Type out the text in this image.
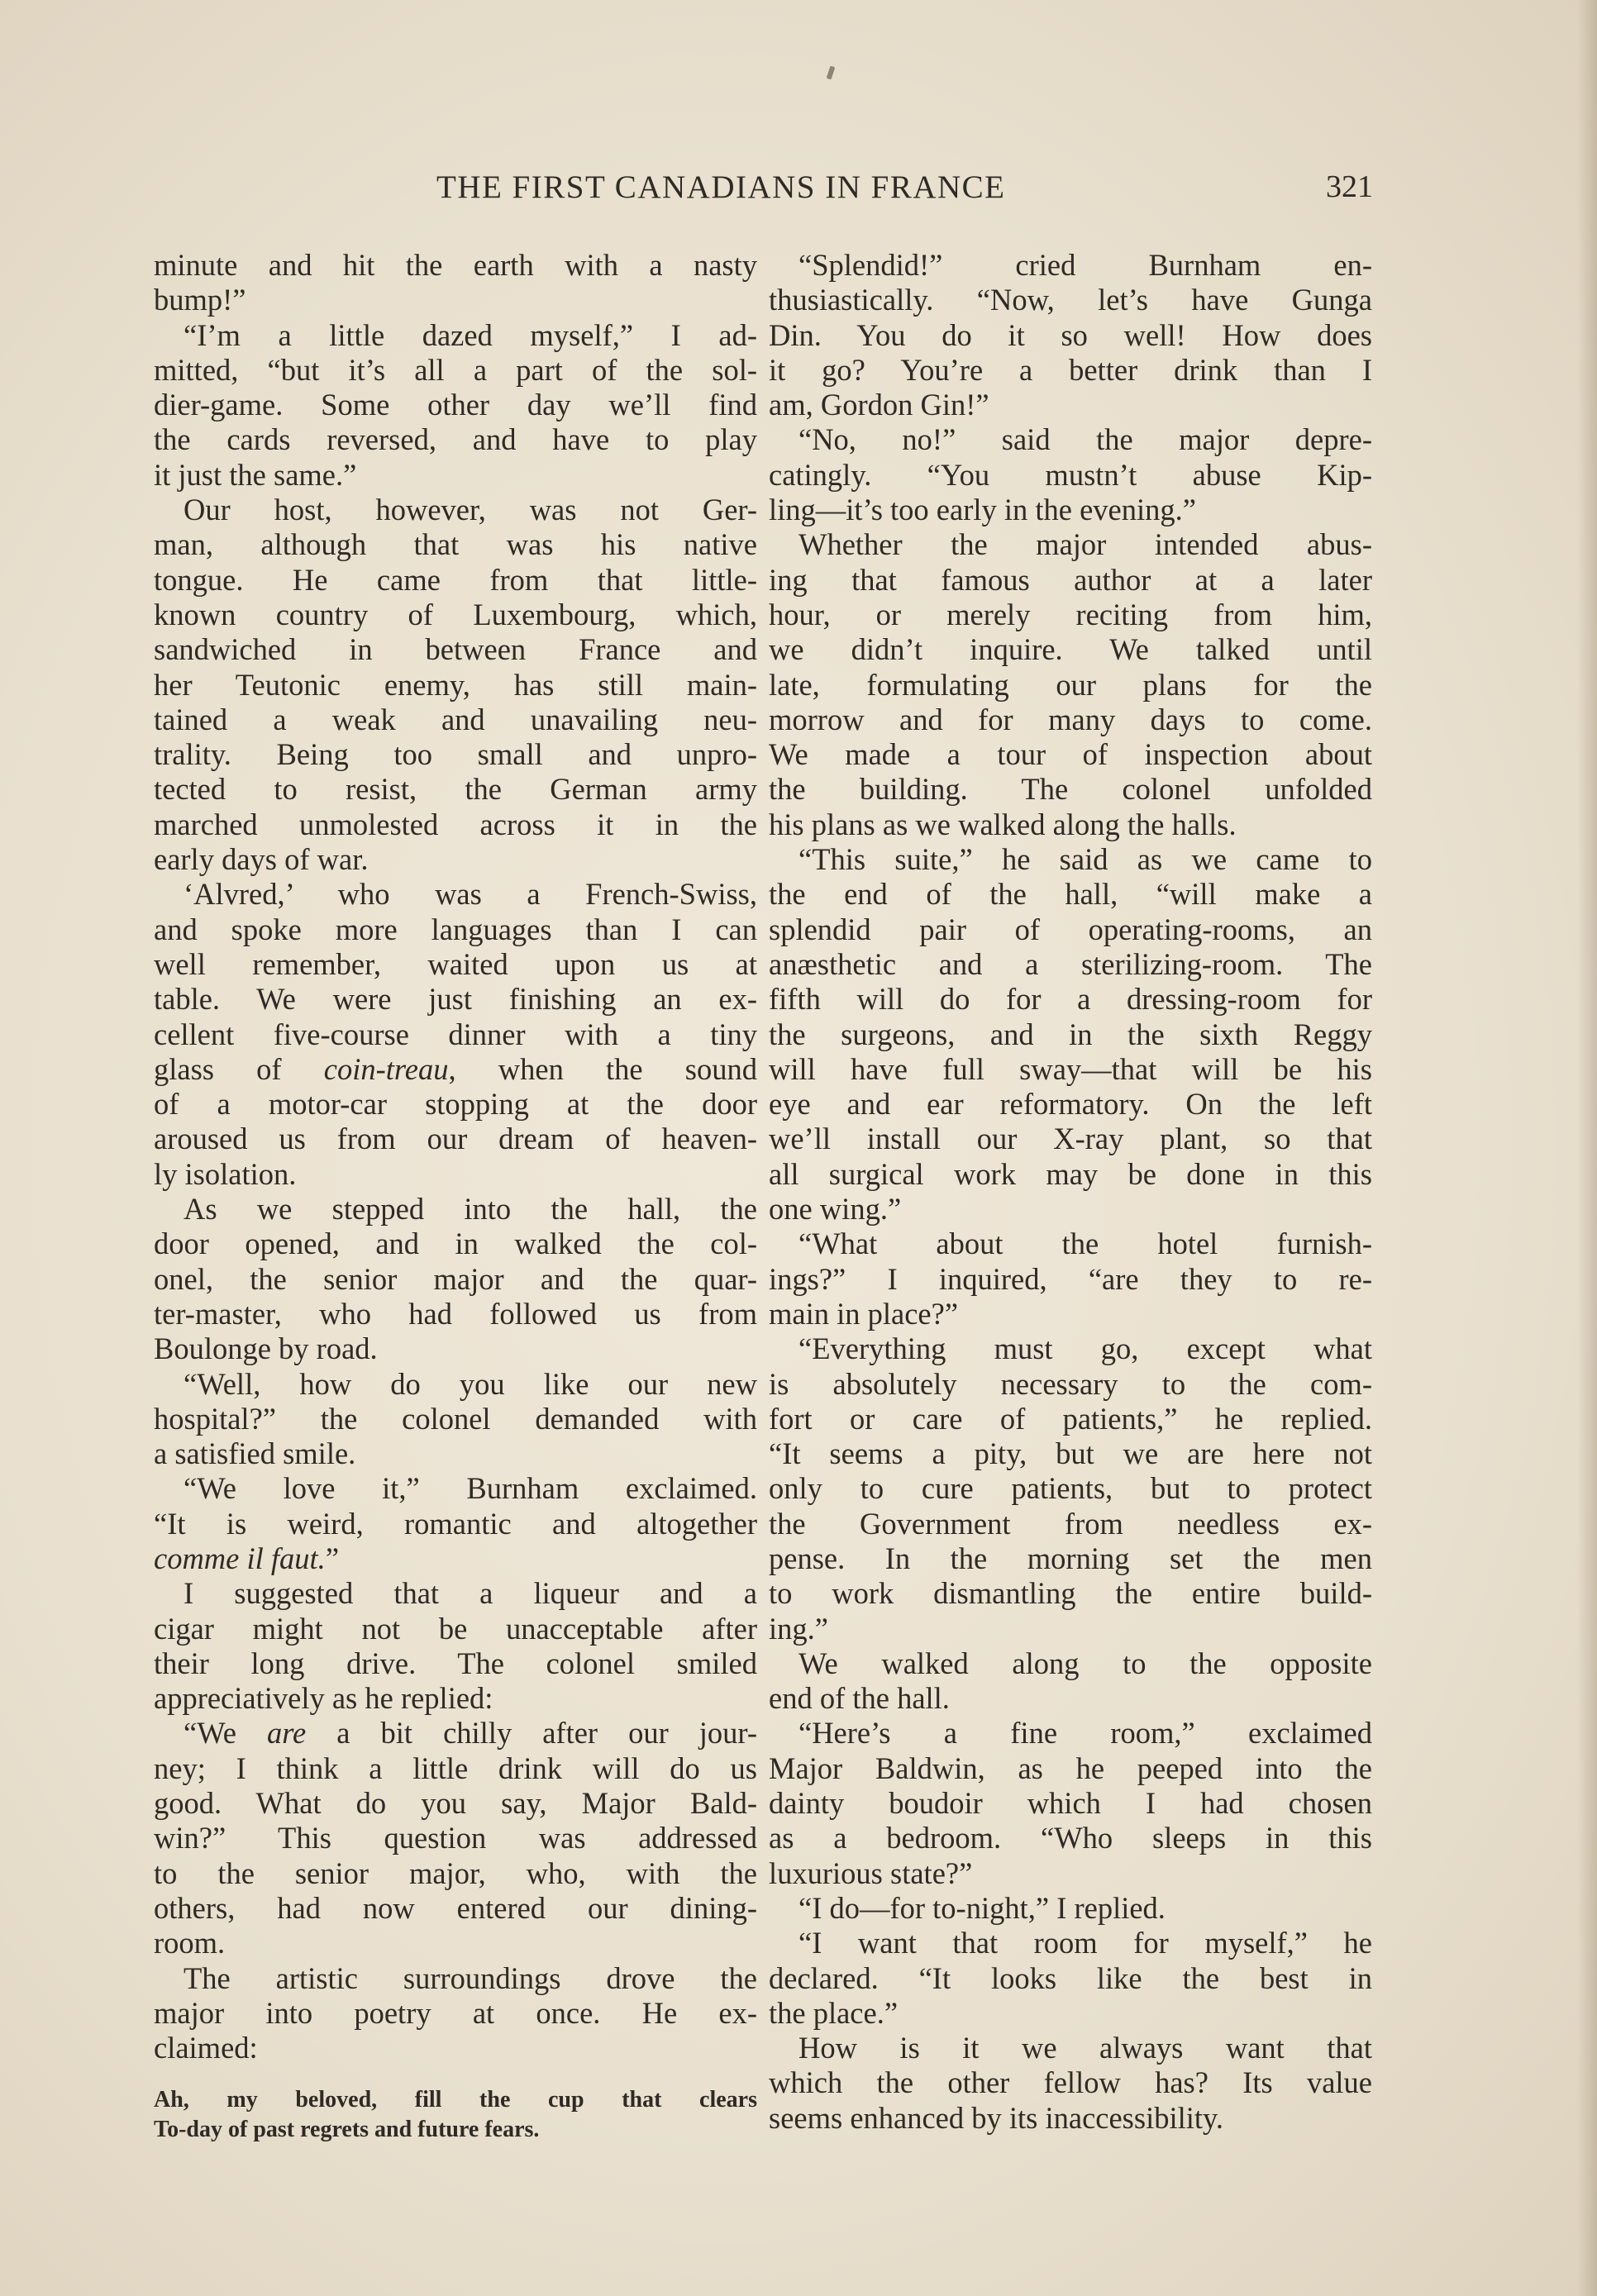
THE FIRST CANADIANS IN FRANCE	321
minute and hit the earth with a nasty
bump!”
“I’m a little dazed myself,” I ad-
mitted, “but it’s all a part of the sol-
dier-game. Some other day we’ll find
the cards reversed, and have to play
it just the same.”
Our host, however, was not Ger-
man, although that was his native
tongue. He came from that little-
known country of Luxembourg, which,
sandwiched in between France and
her Teutonic enemy, has still main-
tained a weak and unavailing neu-
trality. Being too small and unpro-
tected to resist, the German army
marched unmolested across it in the
early days of war.
‘Alvred,’ who was a French-Swiss,
and spoke more languages than I can
well remember, waited upon us at
table. We were just finishing an ex-
cellent five-course dinner with a tiny
glass of coin-treau, when the sound
of a motor-car stopping at the door
aroused us from our dream of heaven-
ly isolation.
As we stepped into the hall, the
door opened, and in walked the col-
onel, the senior major and the quar-
ter-master, who had followed us from
Boulonge by road.
“Well, how do you like our new
hospital?” the colonel demanded with
a satisfied smile.
“We love it,” Burnham exclaimed.
“It is weird, romantic and altogether
comme il faut.”
I suggested that a liqueur and a
cigar might not be unacceptable after
their long drive. The colonel smiled
appreciatively as he replied:
“We are a bit chilly after our jour-
ney; I think a little drink will do us
good. What do you say, Major Bald-
win?” This question was addressed
to the senior major, who, with the
others, had now entered our dining-
room.
The artistic surroundings drove the
major into poetry at once. He ex-
claimed:
Ah, my beloved, fill the cup that clears
To-day of past regrets and future fears.
“Splendid!” cried Burnham en-
thusiastically. “Now, let’s have Gunga
Din. You do it so well! How does
it go? You’re a better drink than I
am, Gordon Gin!”
“No, no!” said the major depre-
catingly. “You mustn’t abuse Kip-
ling—it’s too early in the evening.”
Whether the major intended abus-
ing that famous author at a later
hour, or merely reciting from him,
we didn’t inquire. We talked until
late, formulating our plans for the
morrow and for many days to come.
We made a tour of inspection about
the building. The colonel unfolded
his plans as we walked along the halls.
“This suite,” he said as we came to
the end of the hall, “will make a
splendid pair of operating-rooms, an
anæsthetic and a sterilizing-room. The
fifth will do for a dressing-room for
the surgeons, and in the sixth Reggy
will have full sway—that will be his
eye and ear reformatory. On the left
we’ll install our X-ray plant, so that
all surgical work may be done in this
one wing.”
“What about the hotel furnish-
ings?” I inquired, “are they to re-
main in place?”
“Everything must go, except what
is absolutely necessary to the com-
fort or care of patients,” he replied.
“It seems a pity, but we are here not
only to cure patients, but to protect
the Government from needless ex-
pense. In the morning set the men
to work dismantling the entire build-
ing.”
We walked along to the opposite
end of the hall.
“Here’s a fine room,” exclaimed
Major Baldwin, as he peeped into the
dainty boudoir which I had chosen
as a bedroom. “Who sleeps in this
luxurious state?”
“I do—for to-night,” I replied.
“I want that room for myself,” he
declared. “It looks like the best in
the place.”
How is it we always want that
which the other fellow has? Its value
seems enhanced by its inaccessibility.
